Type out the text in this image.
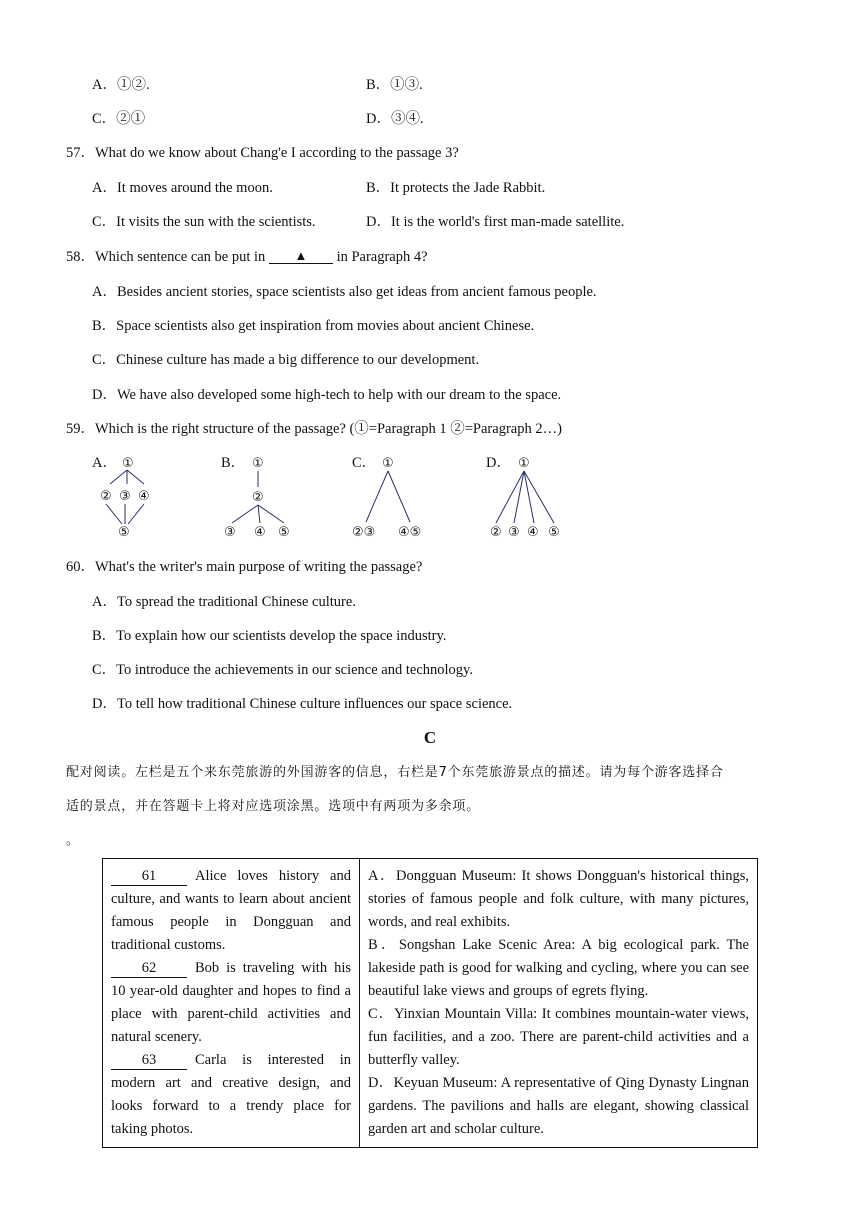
A．①②.	B．①③.
C．②①	D．③④.
57．What do we know about Chang'e I according to the passage 3?
A．It moves around the moon.	B．It protects the Jade Rabbit.
C．It visits the sun with the scientists.	D．It is the world's first man-made satellite.
58．Which sentence can be put in ▲ in Paragraph 4?
A．Besides ancient stories, space scientists also get ideas from ancient famous people.
B．Space scientists also get inspiration from movies about ancient Chinese.
C．Chinese culture has made a big difference to our development.
D．We have also developed some high-tech to help with our dream to the space.
59．Which is the right structure of the passage? (①=Paragraph 1 ②=Paragraph 2…)
A． ①
② ③ ④
⑤
B． ①
②
③ ④ ⑤
C． ①
②③ ④⑤
D． ①
② ③ ④ ⑤
60．What's the writer's main purpose of writing the passage?
A．To spread the traditional Chinese culture.
B．To explain how our scientists develop the space industry.
C．To introduce the achievements in our science and technology.
D．To tell how traditional Chinese culture influences our space science.
C
配对阅读。左栏是五个来东莞旅游的外国游客的信息，右栏是7个东莞旅游景点的描述。请为每个游客选择合
适的景点，并在答题卡上将对应选项涂黑。选项中有两项为多余项。
。
61	Alice loves history and culture, and wants to learn about ancient famous people in Dongguan and traditional customs.
62	Bob is traveling with his 10 year-old daughter and hopes to find a place with parent-child activities and natural scenery.
63	Carla is interested in modern art and creative design, and looks forward to a trendy place for taking photos.

A．Dongguan Museum: It shows Dongguan's historical things, stories of famous people and folk culture, with many pictures, words, and real exhibits.
B．Songshan Lake Scenic Area: A big ecological park. The lakeside path is good for walking and cycling, where you can see beautiful lake views and groups of egrets flying.
C．Yinxian Mountain Villa: It combines mountain-water views, fun facilities, and a zoo. There are parent-child activities and a butterfly valley.
D．Keyuan Museum: A representative of Qing Dynasty Lingnan gardens. The pavilions and halls are elegant, showing classical garden art and scholar culture.
